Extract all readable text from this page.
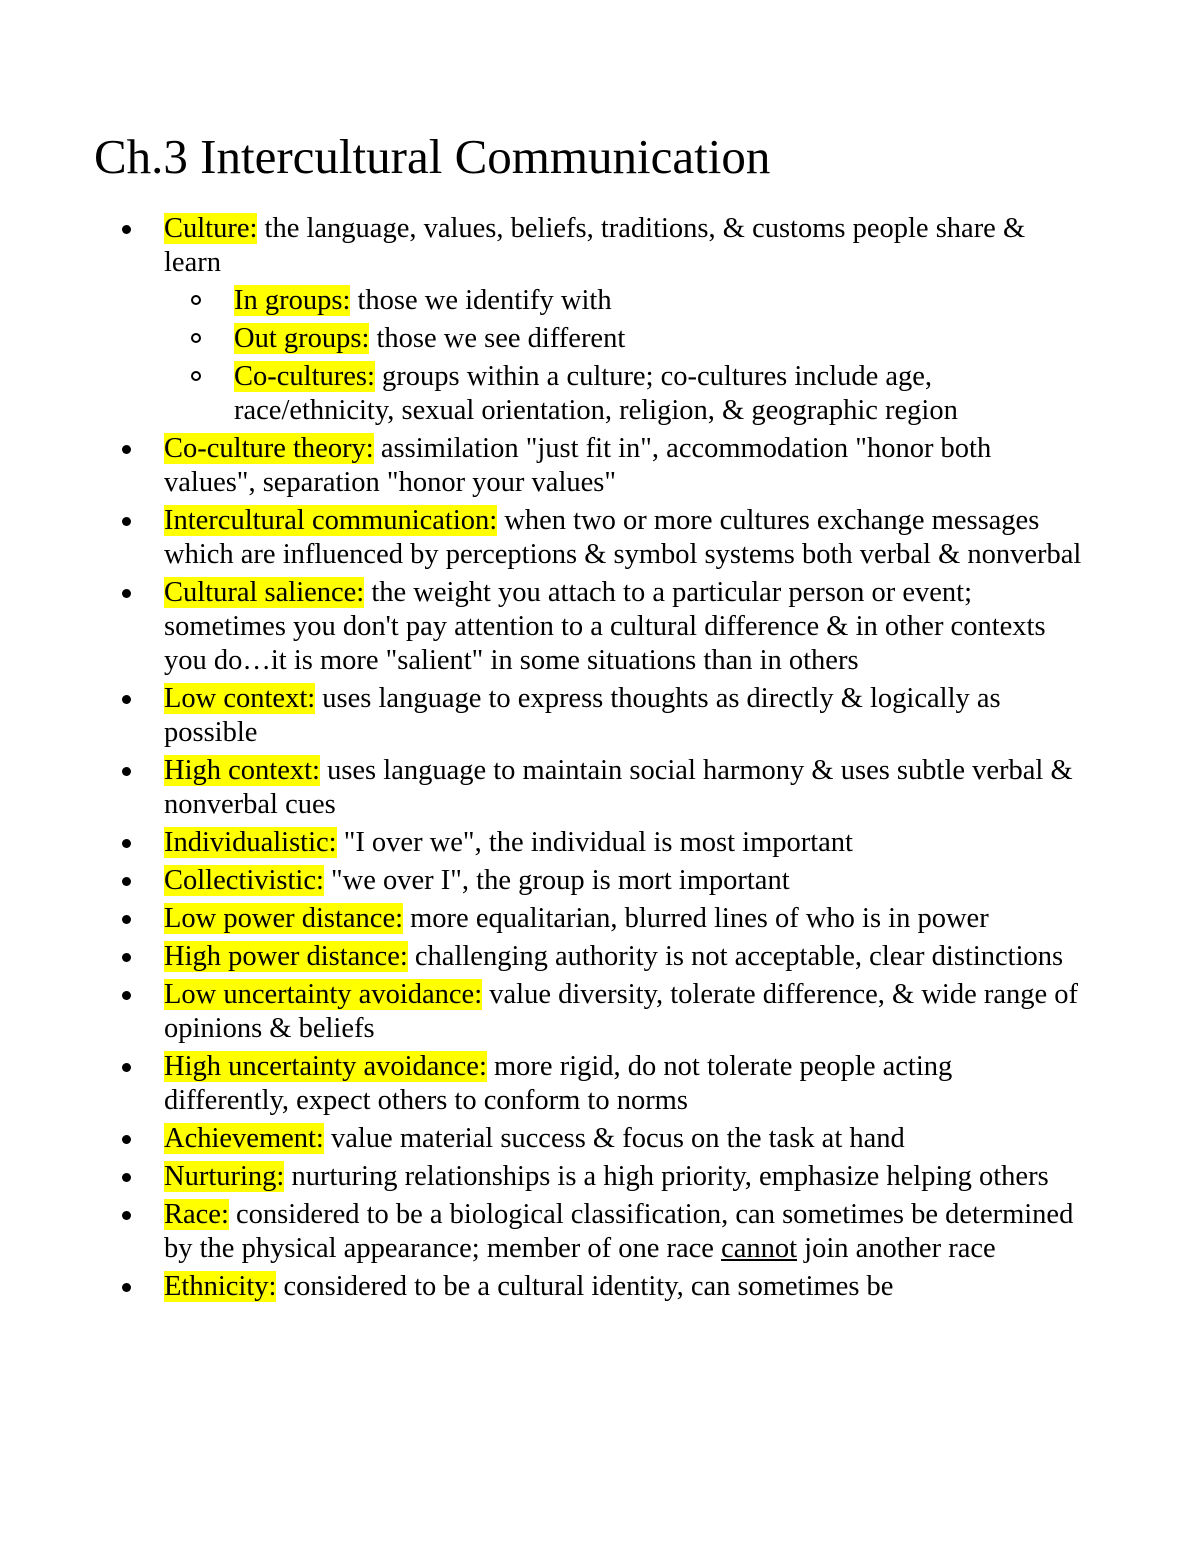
Ch.3 Intercultural Communication
Culture: the language, values, beliefs, traditions, & customs people share & learn
In groups: those we identify with
Out groups: those we see different
Co-cultures: groups within a culture; co-cultures include age, race/ethnicity, sexual orientation, religion, & geographic region
Co-culture theory: assimilation "just fit in", accommodation "honor both values", separation "honor your values"
Intercultural communication: when two or more cultures exchange messages which are influenced by perceptions & symbol systems both verbal & nonverbal
Cultural salience: the weight you attach to a particular person or event; sometimes you don't pay attention to a cultural difference & in other contexts you do…it is more "salient" in some situations than in others
Low context: uses language to express thoughts as directly & logically as possible
High context: uses language to maintain social harmony & uses subtle verbal & nonverbal cues
Individualistic: "I over we", the individual is most important
Collectivistic: "we over I", the group is mort important
Low power distance: more equalitarian, blurred lines of who is in power
High power distance: challenging authority is not acceptable, clear distinctions
Low uncertainty avoidance: value diversity, tolerate difference, & wide range of opinions & beliefs
High uncertainty avoidance: more rigid, do not tolerate people acting differently, expect others to conform to norms
Achievement: value material success & focus on the task at hand
Nurturing: nurturing relationships is a high priority, emphasize helping others
Race: considered to be a biological classification, can sometimes be determined by the physical appearance; member of one race cannot join another race
Ethnicity: considered to be a cultural identity, can sometimes be
